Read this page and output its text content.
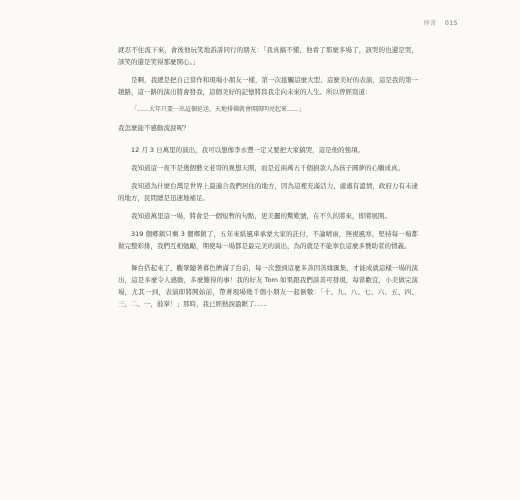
序言 015

就忍不住流下來，會後他玩笑地訴訴同行的朋友：「我真搞不懂，他看了那麼多場了，該哭的也還是哭，該笑的還是笑得那麼開心。」

是啊，我總是把自己當作和現場小朋友一樣，第一次接觸這麼大型、這麼美好的表演，這是我的第一趟路，這一路的演出將會發我，這個美好的記憶將寫我走向未來的人生。所以曾經寫道：

「……大年只要一出這個延送，天地排佛就會開闊明亮起來……」

我怎麼能不感動流淚呢？

12 月 3 日萬里的演出，我可以想像李永豐一定又要把大家搞哭，這是他的強項。

我知道這一夜不是幾個藝文老哥的異想天開，而是近兩萬五千個捐款人為孩子圓夢的心願成真。

我知道為什麼台灣是世界上最適合我們居住的地方，因為這裡充滿活力，處處有溫情，政府力有未逮的地方，民間總是迅速地補足。

我知道萬里這一場，將會是一個短暫的句點，更美麗的驚歎號，在不久的將來，即將展開。

319 個鄉鎮只剩 3 個鄉鎮了，五年來紙風車承蒙大家的託付，不論晴雨，無視風寒，堅持每一場都做完整彩排，我們互相勉勵，期使每一場都是最完美的演出，為的就是不能辜負這麼多贊助者的情義。

舞台搭起來了，觀眾隨著暮色擠滿了台前，每一次想到這麼多善因善緣匯集，才能成就這樣一場的演出，這是多麼令人感動，多麼難得的事！我的好友 Tom 如果跟我們談善可發現，每當歡宜，小美做完演場，尤其一到，表演即將開始前，帶著現場幾千個小朋友一起倒數：「十、九、八、七、六、五、四、三、二、一，鼓掌！」那時，我已經熱淚盈眶了……
